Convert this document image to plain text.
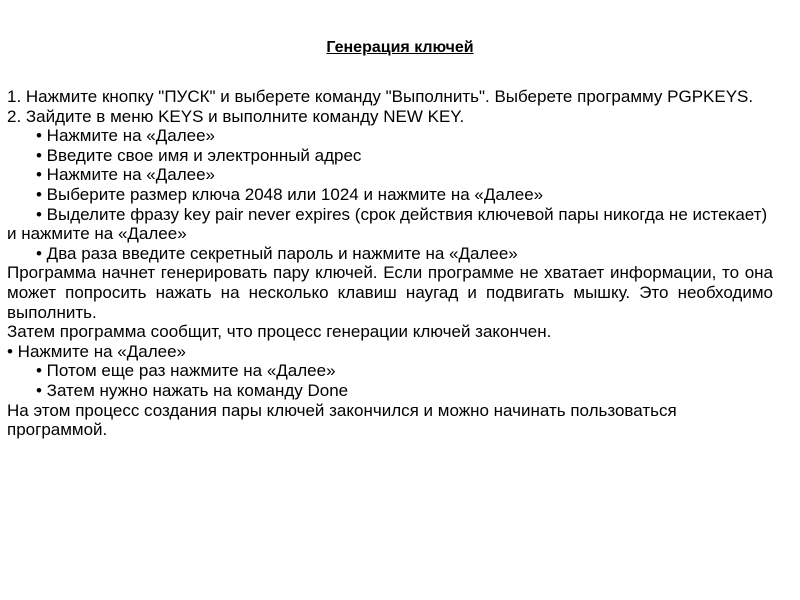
Генерация ключей

1. Нажмите кнопку "ПУСК" и выберете команду "Выполнить". Выберете программу PGPKEYS.

2. Зайдите в меню KEYS и выполните команду NEW KEY.

• Нажмите на «Далее»

• Введите свое имя и электронный адрес

• Нажмите на «Далее»

• Выберите размер ключа 2048 или 1024 и нажмите на «Далее»

• Выделите фразу key pair never expires (срок действия ключевой пары никогда не истекает) и нажмите на «Далее»

• Два раза введите секретный пароль и нажмите на «Далее»

Программа начнет генерировать пару ключей. Если программе не хватает информации, то она может попросить нажать на несколько клавиш наугад и подвигать мышку. Это необходимо выполнить.

Затем программа сообщит, что процесс генерации ключей закончен.

• Нажмите на «Далее»

• Потом еще раз нажмите на «Далее»

• Затем нужно нажать на команду Done

На этом процесс создания пары ключей закончился и можно начинать пользоваться программой.
